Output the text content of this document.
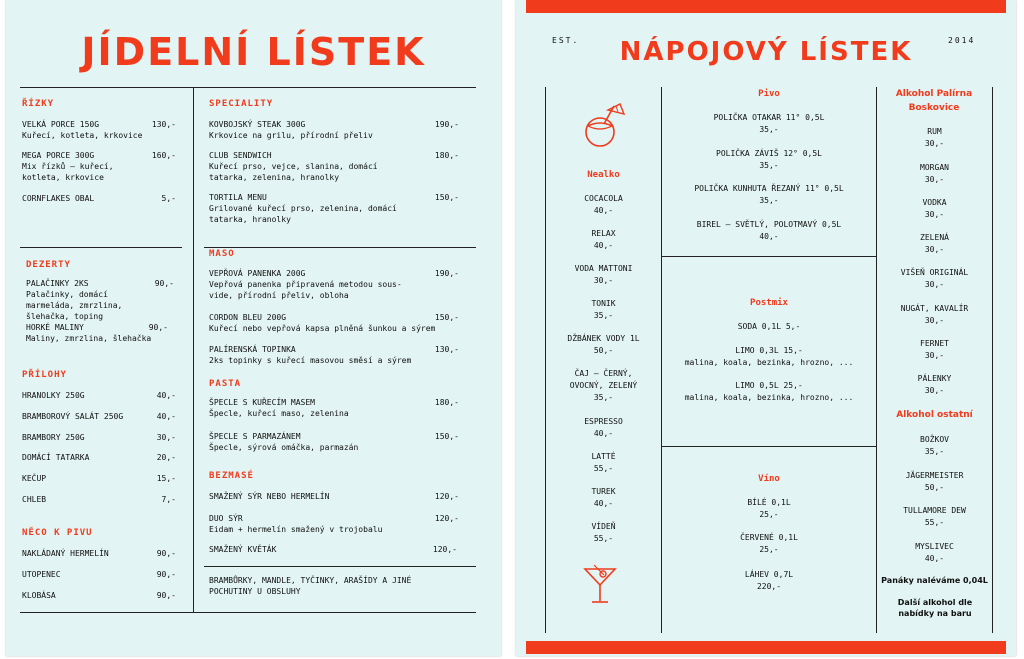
JÍDELNÍ LÍSTEK
ŘÍZKY
VELKÁ PORCE 150G
Kuřecí, kotleta, krkovice
130,-
MEGA PORCE 300G
Mix řízků – kuřecí, kotleta, krkovice
160,-
CORNFLAKES OBAL	5,-
DEZERTY
PALAČINKY 2KS
Palačinky, domácí marmeláda, zmrzlina, šlehačka, toping
90,-
HORKÉ MALINY
Maliny, zmrzlina, šlehačka
90,-
PŘÍLOHY
HRANOLKY 250G	40,-
BRAMBOROVÝ SALÁT 250G	40,-
BRAMBORY 250G	30,-
DOMÁCÍ TATARKA	20,-
KEČUP	15,-
CHLEB	7,-
NĚCO K PIVU
NAKLÁDANÝ HERMELÍN	90,-
UTOPENEC	90,-
KLOBÁSA	90,-
SPECIALITY
KOVBOJSKÝ STEAK 300G
Krkovice na grilu, přírodní přeliv
190,-
CLUB SENDWICH
Kuřecí prso, vejce, slanina, domácí tatarka, zelenina, hranolky
180,-
TORTILA MENU
Grilované kuřecí prso, zelenina, domácí tatarka, hranolky
150,-
MASO
VEPŘOVÁ PANENKA 200G
Vepřová panenka připravená metodou sous-vide, přírodní přeliv, obloha
190,-
CORDON BLEU 200G
Kuřecí nebo vepřová kapsa plněná šunkou a sýrem
150,-
PALÍRENSKÁ TOPINKA
2ks topinky s kuřecí masovou směsí a sýrem
130,-
PASTA
ŠPECLE S KUŘECÍM MASEM
Špecle, kuřecí maso, zelenina
180,-
ŠPECLE S PARMAZÁNEM
Špecle, sýrová omáčka, parmazán
150,-
BEZMASÉ
SMAŽENÝ SÝR NEBO HERMELÍN	120,-
DUO SÝR
Eidam + hermelín smažený v trojobalu
120,-
SMAŽENÝ KVĚTÁK	120,-
BRAMBŮRKY, MANDLE, TYČINKY, ARAŠÍDY A JINÉ POCHUTINY U OBSLUHY
EST.	2014
NÁPOJOVÝ LÍSTEK
Nealko
COCACOLA
40,-
RELAX
40,-
VODA MATTONI
30,-
TONIK
35,-
DŽBÁNEK VODY 1L
50,-
ČAJ – ČERNÝ, OVOCNÝ, ZELENÝ
35,-
ESPRESSO
40,-
LATTÉ
55,-
TUREK
40,-
VÍDEŇ
55,-
Pivo
POLIČKA OTAKAR 11° 0,5L
35,-
POLIČKA ZÁVIŠ 12° 0,5L
35,-
POLIČKA KUNHUTA ŘEZANÝ 11° 0,5L
35,-
BIREL – SVĚTLÝ, POLOTMAVÝ 0,5L
40,-
Postmix
SODA 0,1L 5,-
LIMO 0,3L 15,-
malina, koala, bezinka, hrozno, ...
LIMO 0,5L 25,-
malina, koala, bezinka, hrozno, ...
Víno
BÍLÉ 0,1L
25,-
ČERVENÉ 0,1L
25,-
LÁHEV 0,7L
220,-
Alkohol Palírna Boskovice
RUM
30,-
MORGAN
30,-
VODKA
30,-
ZELENÁ
30,-
VIŠEŇ ORIGINÁL
30,-
NUGÁT, KAVALÍR
30,-
FERNET
30,-
PÁLENKY
30,-
Alkohol ostatní
BOŽKOV
35,-
JÄGERMEISTER
50,-
TULLAMORE DEW
55,-
MYSLIVEC
40,-
Panáky naléváme 0,04L
Další alkohol dle nabídky na baru
